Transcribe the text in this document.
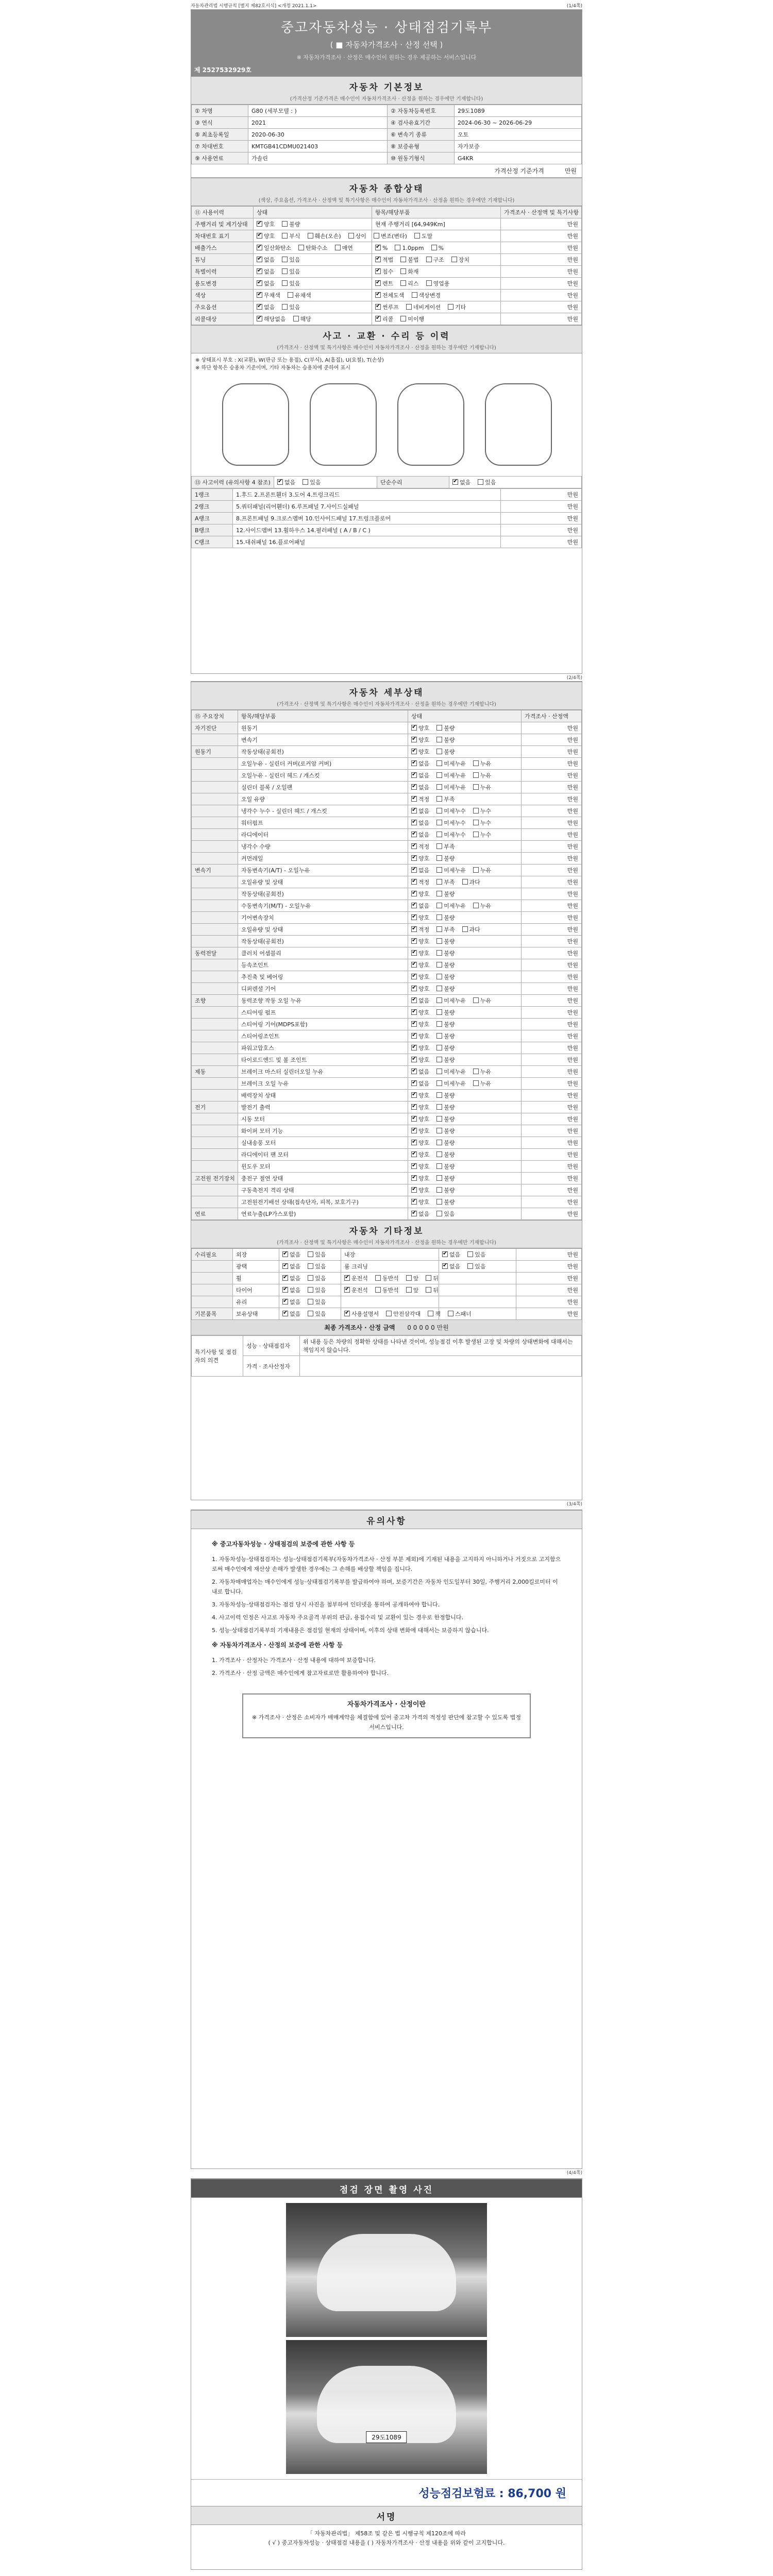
자동차관리법 시행규칙 [별지 제82호서식] <개정 2021.1.1>	(1/4쪽)
중고자동차성능 · 상태점검기록부
( ■ 자동차가격조사 · 산정 선택 )
※ 자동차가격조사 · 산정은 매수인이 원하는 경우 제공하는 서비스입니다
제 2527532929호
자동차 기본정보
(가격산정 기준가격은 매수인이 자동차가격조사 · 산정을 원하는 경우에만 기재합니다)
① 차명	G80 (세부모델 : )	② 자동차등록번호	29도1089
③ 연식	2021	④ 검사유효기간	2024-06-30 ~ 2026-06-29
⑤ 최초등록일	2020-06-30	⑥ 변속기 종류	오토
⑦ 차대번호	KMTGB41CDMU021403	⑧ 보증유형	자가보증
⑨ 사용연료	가솔린	⑩ 원동기형식	G4KR
가격산정 기준가격	만원
자동차 종합상태
(색상, 주요옵션, 가격조사 · 산정액 및 특기사항은 매수인이 자동차가격조사 · 산정을 원하는 경우에만 기재합니다)
⑪ 사용이력	상태	항목/해당부품	가격조사 · 산정액 및 특기사항
주행거리 및 계기상태	✔양호 불량	현재 주행거리 [64,949Km]	만원
차대번호 표기	✔양호 부식 훼손(오손) 상이 변조(변타) 도말		만원
배출가스	✔일산화탄소 탄화수소 매연	✔% 1.0ppm %	만원
튜닝	✔없음 있음	✔적법 불법 구조 장치	만원
특별이력	✔없음 있음	✔침수 화재	만원
용도변경	✔없음 있음	✔렌트 리스 영업용	만원
색상	✔무채색 유채색	✔전체도색 색상변경	만원
주요옵션	✔없음 있음	✔썬루프 네비게이션 기타	만원
리콜대상	✔해당없음 해당	✔리콜 미이행	만원
사고 · 교환 · 수리 등 이력
(가격조사 · 산정액 및 특기사항은 매수인이 자동차가격조사 · 산정을 원하는 경우에만 기재합니다)
※ 상태표시 부호 : X(교환), W(판금 또는 용접), C(부식), A(흠집), U(요철), T(손상)
※ 하단 항목은 승용차 기준이며, 기타 자동차는 승용차에 준하여 표시
⑬ 사고이력 (유의사항 4 참조)	✔없음	있음	단순수리	✔없음	있음
1랭크	1.후드 2.프론트휀더 3.도어 4.트렁크리드	만원
2랭크	5.쿼터패널(리어휀더) 6.루프패널 7.사이드실패널	만원
A랭크	8.프론트패널 9.크로스멤버 10.인사이드패널 17.트렁크플로어	만원
B랭크	12.사이드멤버 13.휠하우스 14.필러패널 ( A / B / C )	만원
C랭크	15.대쉬패널 16.플로어패널	만원
자동차 세부상태
(가격조사 · 산정액 및 특기사항은 매수인이 자동차가격조사 · 산정을 원하는 경우에만 기재합니다)
⑮ 주요장치	항목/해당부품	상태	가격조사 · 산정액
자기진단	원동기	✔양호 불량	만원
	변속기	✔양호 불량	만원
원동기	작동상태(공회전)	✔양호 불량	만원
	오일누유 - 실린더 커버(로커암 커버)	✔없음 미세누유 누유	만원
	오일누유 - 실린더 헤드 / 개스킷	✔없음 미세누유 누유	만원
	실린더 블록 / 오일팬	✔없음 미세누유 누유	만원
	오일 유량	✔적정 부족	만원
	냉각수 누수 - 실린더 헤드 / 개스킷	✔없음 미세누수 누수	만원
	워터펌프	✔없음 미세누수 누수	만원
	라디에이터	✔없음 미세누수 누수	만원
	냉각수 수량	✔적정 부족	만원
	커먼레일	✔양호 불량	만원
변속기	자동변속기(A/T) - 오일누유	✔없음 미세누유 누유	만원
	오일유량 및 상태	✔적정 부족 과다	만원
	작동상태(공회전)	✔양호 불량	만원
	수동변속기(M/T) - 오일누유	✔없음 미세누유 누유	만원
	기어변속장치	✔양호 불량	만원
	오일유량 및 상태	✔적정 부족 과다	만원
	작동상태(공회전)	✔양호 불량	만원
동력전달	클러치 어셈블리	✔양호 불량	만원
	등속조인트	✔양호 불량	만원
	추진축 및 베어링	✔양호 불량	만원
	디퍼렌셜 기어	✔양호 불량	만원
조향	동력조향 작동 오일 누유	✔없음 미세누유 누유	만원
	스티어링 펌프	✔양호 불량	만원
	스티어링 기어(MDPS포함)	✔양호 불량	만원
	스티어링조인트	✔양호 불량	만원
	파워고압호스	✔양호 불량	만원
	타이로드엔드 및 볼 조인트	✔양호 불량	만원
제동	브레이크 마스터 실린더오일 누유	✔없음 미세누유 누유	만원
	브레이크 오일 누유	✔없음 미세누유 누유	만원
	배력장치 상태	✔양호 불량	만원
전기	발전기 출력	✔양호 불량	만원
	시동 모터	✔양호 불량	만원
	와이퍼 모터 기능	✔양호 불량	만원
	실내송풍 모터	✔양호 불량	만원
	라디에이터 팬 모터	✔양호 불량	만원
	윈도우 모터	✔양호 불량	만원
고전원 전기장치	충전구 절연 상태	✔양호 불량	만원
	구동축전지 격리 상태	✔양호 불량	만원
	고전원전기배선 상태(접속단자, 피복, 보호기구)	✔양호 불량	만원
연료	연료누출(LP가스포함)	✔없음 있음	만원
자동차 기타정보
(가격조사 · 산정액 및 특기사항은 매수인이 자동차가격조사 · 산정을 원하는 경우에만 기재합니다)
수리필요	외장	✔없음 있음	내장	✔없음 있음	만원
	광택	✔없음 있음	룸 크리닝	✔없음 있음	만원
	휠	✔없음 있음	✔운전석 동반석 앞 뒤		만원
	타이어	✔없음 있음	✔운전석 동반석 앞 뒤		만원
	유리	✔없음 있음			만원
기본품목	보유상태	✔없음 있음	✔사용설명서 안전삼각대 잭 스패너		만원
최종 가격조사 · 산정 금액 0 0 0 0 0 만원
특기사항 및 점검자의 의견	성능 · 상태점검자	위 내용 등은 차량의 정확한 상태를 나타낸 것이며, 성능점검 이후 발생된 고장 및 차량의 상태변화에 대해서는 책임지지 않습니다.
	가격 · 조사산정자	
유의사항
※ 중고자동차성능 · 상태점검의 보증에 관한 사항 등

1. 자동차성능·상태점검자는 성능·상태점검기록부(자동차가격조사 · 산정 부분 제외)에 기재된 내용을 고지하지 아니하거나 거짓으로 고지함으로써 매수인에게 재산상 손해가 발생한 경우에는 그 손해를 배상할 책임을 집니다.

2. 자동차매매업자는 매수인에게 성능·상태점검기록부를 발급하여야 하며, 보증기간은 자동차 인도일부터 30일, 주행거리 2,000킬로미터 이내로 합니다.

3. 자동차성능·상태점검자는 점검 당시 사진을 첨부하여 인터넷을 통하여 공개하여야 합니다.

4. 사고이력 인정은 사고로 자동차 주요골격 부위의 판금, 용접수리 및 교환이 있는 경우로 한정합니다.

5. 성능·상태점검기록부의 기재내용은 점검일 현재의 상태이며, 이후의 상태 변화에 대해서는 보증하지 않습니다.

※ 자동차가격조사 · 산정의 보증에 관한 사항 등

1. 가격조사 · 산정자는 가격조사 · 산정 내용에 대하여 보증합니다.

2. 가격조사 · 산정 금액은 매수인에게 참고자료로만 활용하여야 합니다.

자동차가격조사 · 산정이란
※ 가격조사 · 산정은 소비자가 매매계약을 체결함에 있어 중고차 가격의 적정성 판단에 참고할 수 있도록 법정 서비스입니다.
점검 장면 촬영 사진
29도1089
성능점검보험료 : 86,700 원
서명
「 자동차관리법」 제58조 및 같은 법 시행규칙 제120조에 따라
( √ ) 중고자동차성능 · 상태점검 내용을 ( ) 자동차가격조사 · 산정 내용을 위와 같이 고지합니다.
(2/4쪽)
(3/4쪽)
(4/4쪽)
